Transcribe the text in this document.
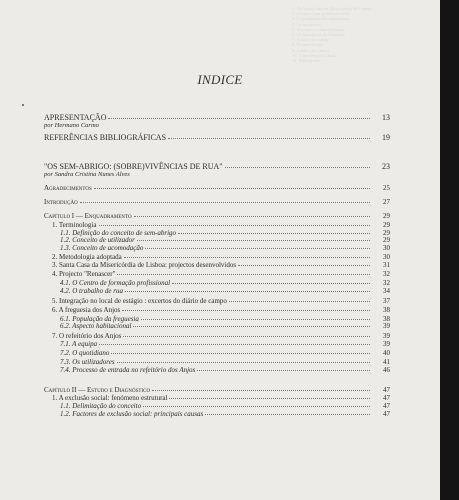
1. Da Santa Casa da Misericórdia de Lisboa
2. A Santa Casa da Misericórdia
3. O quotidiano dos utilizadores
4. Os refeitórios
5. Recursos sociais do bairro
6. Os moradores da freguesia
7. Actores do estudo
8. Os sem-abrigo
9. Análise dos dados
10. Considerações finais
11. Bibliografia
INDICE
APRESENTAÇÃO	13
por Hermano Carmo
REFERÊNCIAS BIBLIOGRÁFICAS	19
"OS SEM-ABRIGO: (SOBRE)VIVÊNCIAS DE RUA"	23
por Sandra Cristina Nunes Alves
Agradecimentos	25
Introdução	27
Capítulo I — Enquadramento	29
1. Terminologia	29
1.1. Definição do conceito de sem-abrigo	29
1.2. Conceito de utilizador	29
1.3. Conceito de acomodação	30
2. Metodologia adoptada	30
3. Santa Casa da Misericórdia de Lisboa: projectos desenvolvidos	31
4. Projecto "Renascer"	32
4.1. O Centro de formação profissional	32
4.2. O trabalho de rua	34
5. Integração no local de estágio : excertos do diário de campo	37
6. A freguesia dos Anjos	38
6.1. População da freguesia	38
6.2. Aspecto habitacional	39
7. O refeitório dos Anjos	39
7.1. A equipa	39
7.2. O quotidiano	40
7.3. Os utilizadores	41
7.4. Processo de entrada no refeitório dos Anjos	46
Capítulo II — Estudo e Diagnóstico	47
1. A exclusão social: fenómeno estrutural	47
1.1. Delimitação do conceito	47
1.2. Factores de exclusão social: principais causas	47
